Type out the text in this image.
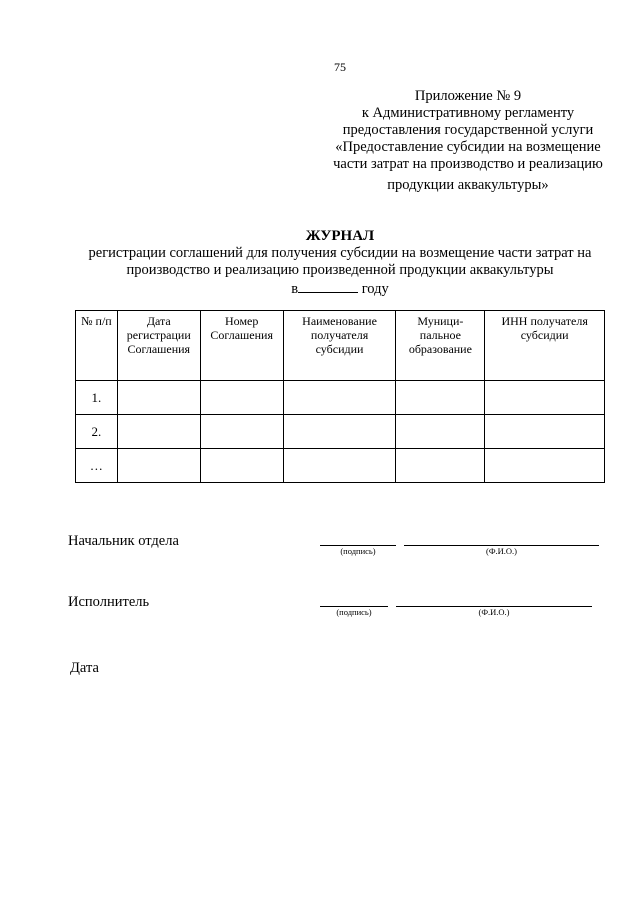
75
Приложение № 9
к Административному регламенту
предоставления государственной услуги
«Предоставление субсидии на возмещение
части затрат на производство и реализацию
продукции аквакультуры»
ЖУРНАЛ
регистрации соглашений для получения субсидии на возмещение части затрат на
производство и реализацию произведенной продукции аквакультуры
в	году
№ п/п	Дата регистрации Соглашения	Номер Соглашения	Наименование получателя субсидии	Муници-пальное образование	ИНН получателя субсидии
1.					
2.					
…					
Начальник отдела
(подпись)	(Ф.И.О.)
Исполнитель
(подпись)	(Ф.И.О.)
Дата
